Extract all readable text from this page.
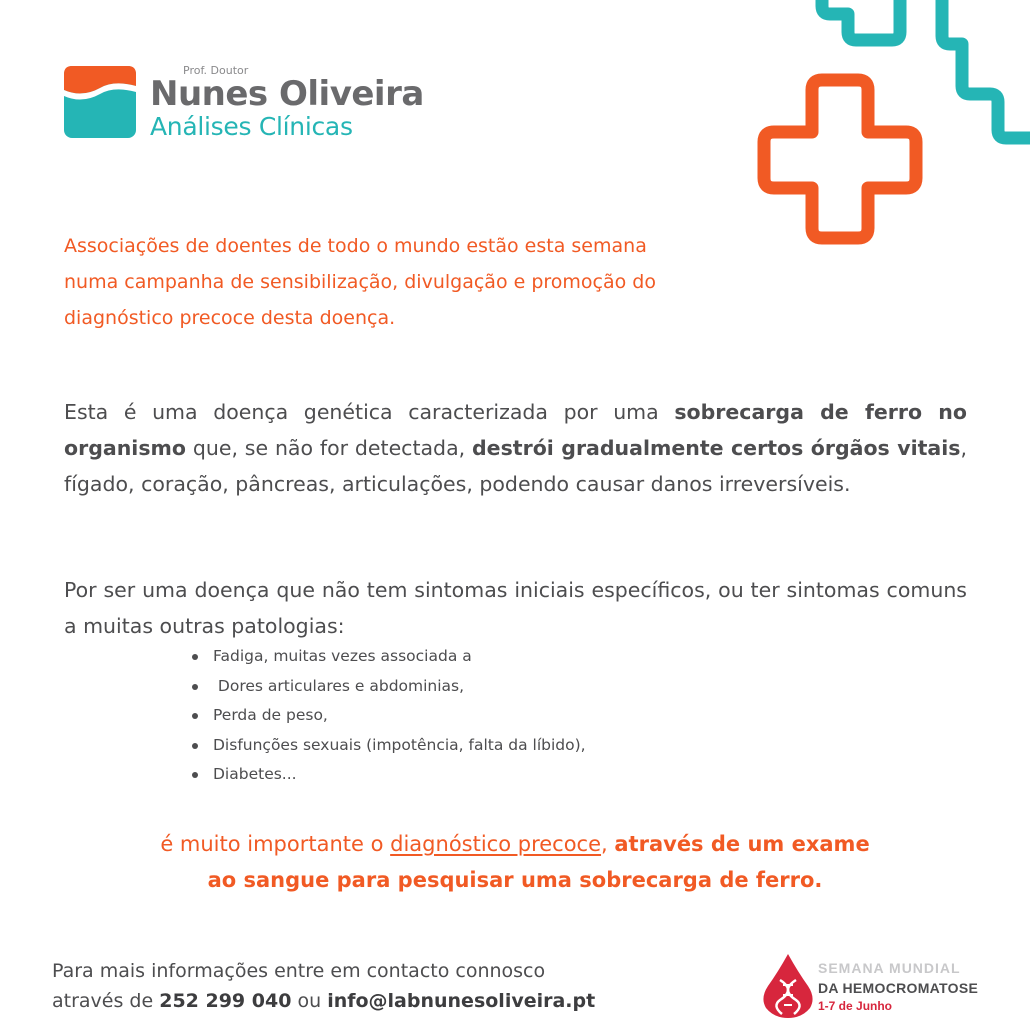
Prof. Doutor
Nunes Oliveira
Análises Clínicas
Associações de doentes de todo o mundo estão esta semana numa campanha de sensibilização, divulgação e promoção do diagnóstico precoce desta doença.
Esta é uma doença genética caracterizada por uma sobrecarga de ferro no organismo que, se não for detectada, destrói gradualmente certos órgãos vitais, fígado, coração, pâncreas, articulações, podendo causar danos irreversíveis.
Por ser uma doença que não tem sintomas iniciais específicos, ou ter sintomas comuns a muitas outras patologias:
Fadiga, muitas vezes associada a
Dores articulares e abdominias,
Perda de peso,
Disfunções sexuais (impotência, falta da líbido),
Diabetes...
é muito importante o diagnóstico precoce, através de um exame
ao sangue para pesquisar uma sobrecarga de ferro.
Para mais informações entre em contacto connosco
através de 252 299 040 ou info@labnunesoliveira.pt
SEMANA MUNDIAL
DA HEMOCROMATOSE
1-7 de Junho
